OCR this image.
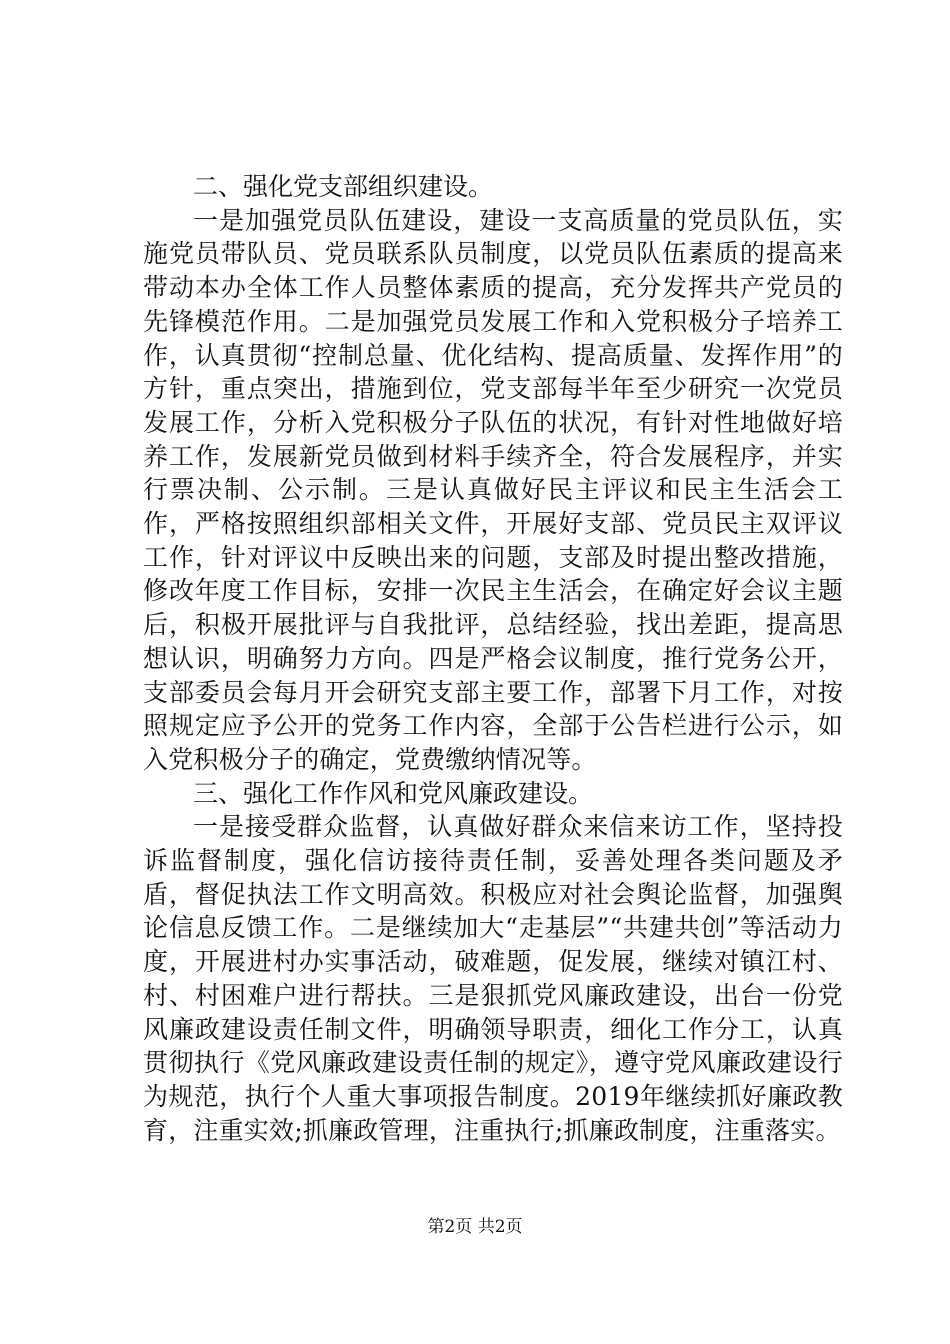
二、强化党支部组织建设。

一是加强党员队伍建设，建设一支高质量的党员队伍，实施党员带队员、党员联系队员制度，以党员队伍素质的提高来带动本办全体工作人员整体素质的提高，充分发挥共产党员的先锋模范作用。二是加强党员发展工作和入党积极分子培养工作，认真贯彻“控制总量、优化结构、提高质量、发挥作用”的方针，重点突出，措施到位，党支部每半年至少研究一次党员发展工作，分析入党积极分子队伍的状况，有针对性地做好培养工作，发展新党员做到材料手续齐全，符合发展程序，并实行票决制、公示制。三是认真做好民主评议和民主生活会工作，严格按照组织部相关文件，开展好支部、党员民主双评议工作，针对评议中反映出来的问题，支部及时提出整改措施，修改年度工作目标，安排一次民主生活会，在确定好会议主题后，积极开展批评与自我批评，总结经验，找出差距，提高思想认识，明确努力方向。四是严格会议制度，推行党务公开，支部委员会每月开会研究支部主要工作，部署下月工作，对按照规定应予公开的党务工作内容，全部于公告栏进行公示，如入党积极分子的确定，党费缴纳情况等。

三、强化工作作风和党风廉政建设。

一是接受群众监督，认真做好群众来信来访工作，坚持投诉监督制度，强化信访接待责任制，妥善处理各类问题及矛盾，督促执法工作文明高效。积极应对社会舆论监督，加强舆论信息反馈工作。二是继续加大“走基层”“共建共创”等活动力度，开展进村办实事活动，破难题，促发展，继续对镇江村、村、村困难户进行帮扶。三是狠抓党风廉政建设，出台一份党风廉政建设责任制文件，明确领导职责，细化工作分工，认真贯彻执行《党风廉政建设责任制的规定》，遵守党风廉政建设行为规范，执行个人重大事项报告制度。2019年继续抓好廉政教育，注重实效;抓廉政管理，注重执行;抓廉政制度，注重落实。

第2页 共2页
